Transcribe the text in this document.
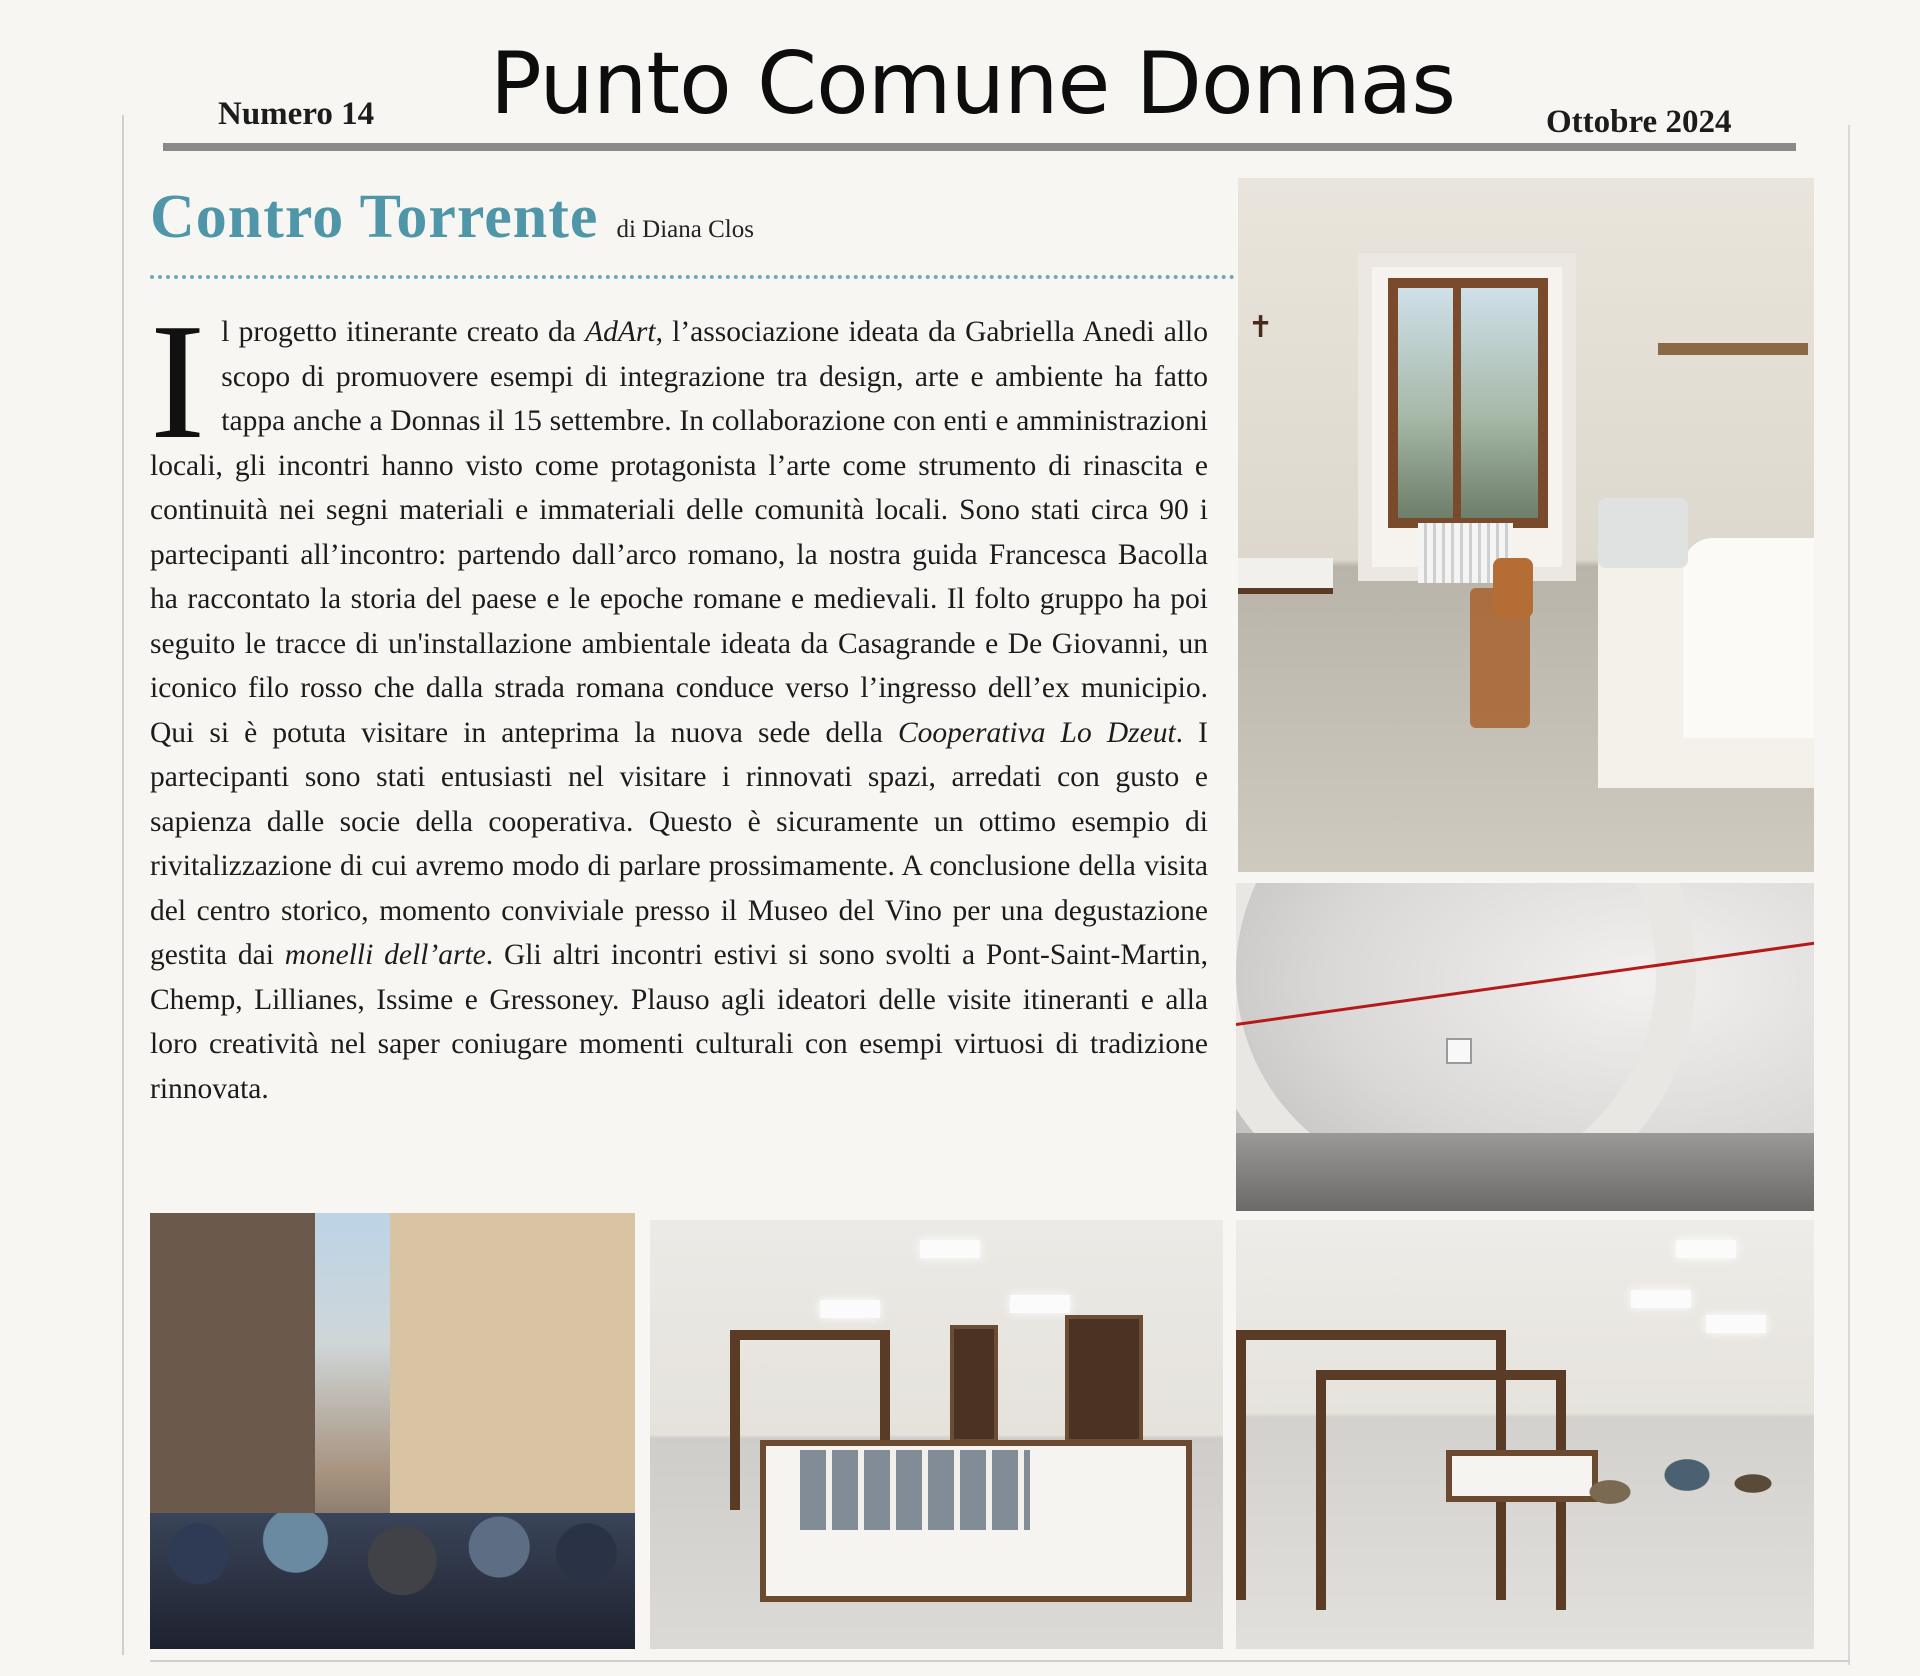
Punto Comune Donnas
Numero 14	Ottobre 2024
Contro Torrente di Diana Clos

Il progetto itinerante creato da AdArt, l’associazione ideata da Gabriella Anedi allo scopo di promuovere esempi di integrazione tra design, arte e ambiente ha fatto tappa anche a Donnas il 15 settembre. In collaborazione con enti e amministrazioni locali, gli incontri hanno visto come protagonista l’arte come strumento di rinascita e continuità nei segni materiali e immateriali delle comunità locali. Sono stati circa 90 i partecipanti all’incontro: partendo dall’arco romano, la nostra guida Francesca Bacolla ha raccontato la storia del paese e le epoche romane e medievali. Il folto gruppo ha poi seguito le tracce di un'installazione ambientale ideata da Casagrande e De Giovanni, un iconico filo rosso che dalla strada romana conduce verso l’ingresso dell’ex municipio. Qui si è potuta visitare in anteprima la nuova sede della Cooperativa Lo Dzeut. I partecipanti sono stati entusiasti nel visitare i rinnovati spazi, arredati con gusto e sapienza dalle socie della cooperativa. Questo è sicuramente un ottimo esempio di rivitalizzazione di cui avremo modo di parlare prossimamente. A conclusione della visita del centro storico, momento conviviale presso il Museo del Vino per una degustazione gestita dai monelli dell’arte. Gli altri incontri estivi si sono svolti a Pont-Saint-Martin, Chemp, Lillianes, Issime e Gressoney. Plauso agli ideatori delle visite itineranti e alla loro creatività nel saper coniugare momenti culturali con esempi virtuosi di tradizione rinnovata.

✝
